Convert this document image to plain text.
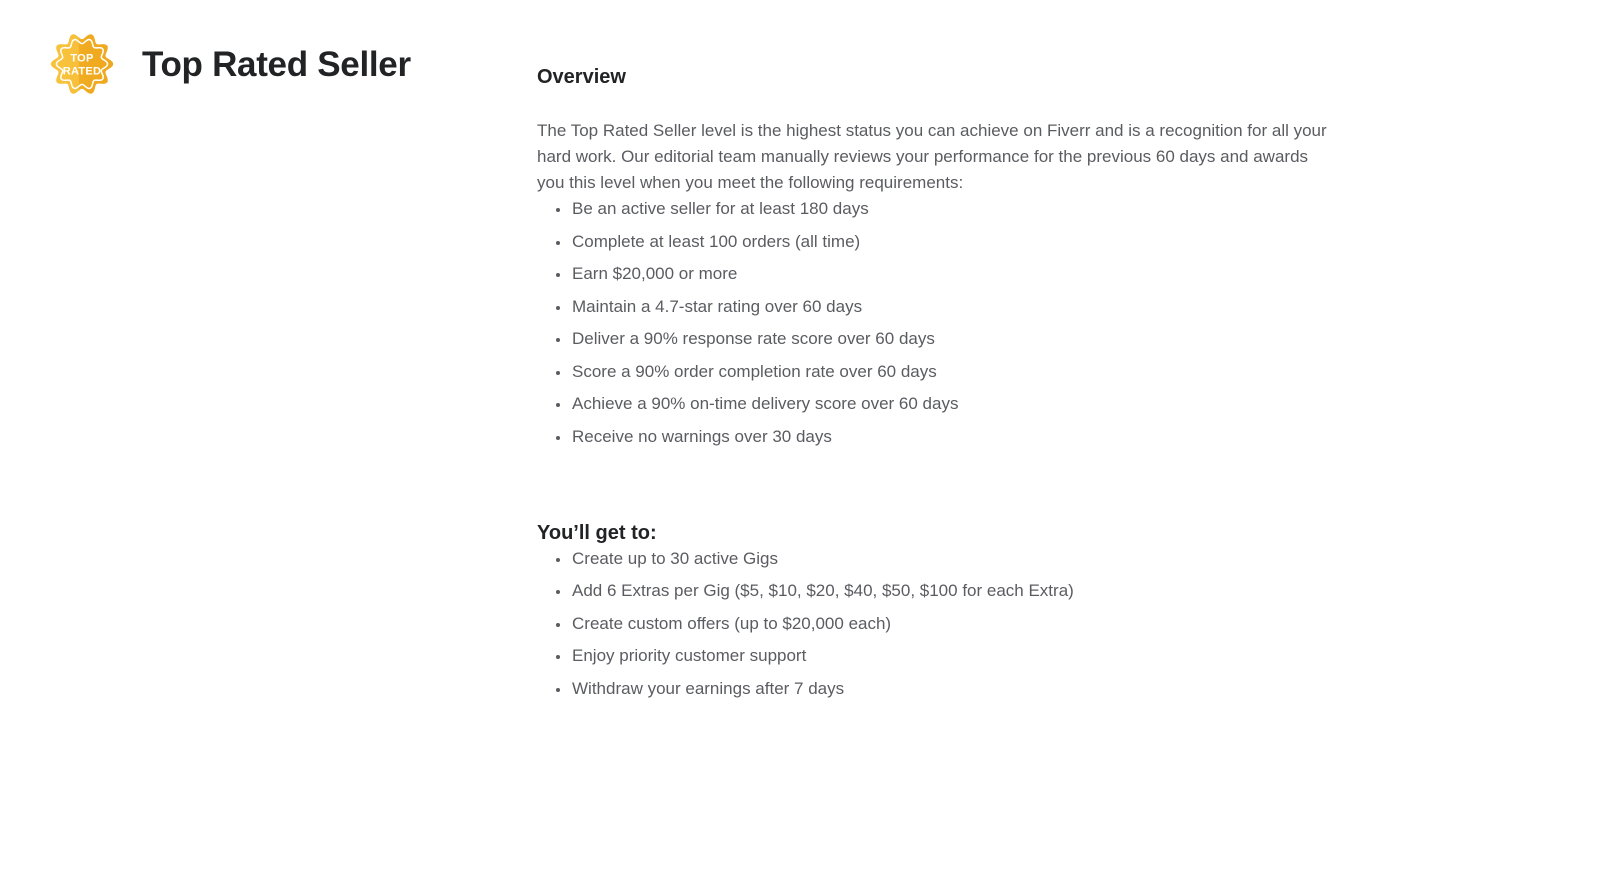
TOP
RATED Top Rated Seller	Overview

The Top Rated Seller level is the highest status you can achieve on Fiverr and is a recognition for all your hard work. Our editorial team manually reviews your performance for the previous 60 days and awards you this level when you meet the following requirements:

• Be an active seller for at least 180 days
• Complete at least 100 orders (all time)
• Earn $20,000 or more
• Maintain a 4.7-star rating over 60 days
• Deliver a 90% response rate score over 60 days
• Score a 90% order completion rate over 60 days
• Achieve a 90% on-time delivery score over 60 days
• Receive no warnings over 30 days
You’ll get to:
• Create up to 30 active Gigs
• Add 6 Extras per Gig ($5, $10, $20, $40, $50, $100 for each Extra)
• Create custom offers (up to $20,000 each)
• Enjoy priority customer support
• Withdraw your earnings after 7 days
